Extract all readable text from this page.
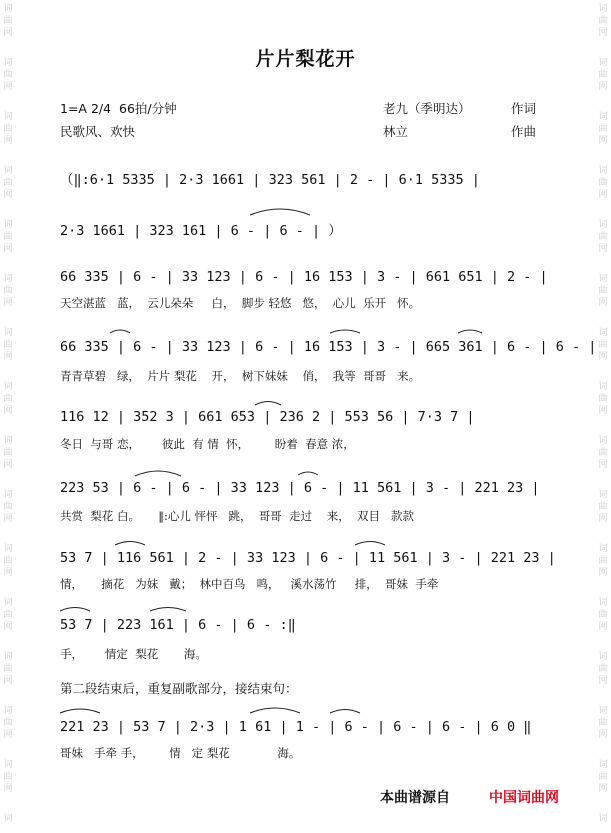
词
曲
网
词
曲
网
词
曲
网
词
曲
网
词
曲
网
词
曲
网
词
曲
网
词
曲
网
词
曲
网
词
曲
网
词
曲
网
词
曲
网
词
曲
网
词
曲
网
词
曲
网
词
词
曲
网
词
曲
网
词
曲
网
词
曲
网
词
曲
网
词
曲
网
词
曲
网
词
曲
网
词
曲
网
词
曲
网
词
曲
网
词
曲
网
词
曲
网
词
曲
网
词
曲
网
词
片片梨花开
1=A 2/4  66拍/分钟
民歌风、欢快
老九（季明达）	作词
林立	作曲
（‖:6·1 5335 | 2·3 1661 | 323 561 | 2 - | 6·1 5335 |
2·3 1661 | 323 161 | 6 - | 6 - | ）
66 335 | 6 - | 33 123 | 6 - | 16 153 | 3 - | 661 651 | 2 - |
天空湛蓝   蓝，  云儿朵朵     白，  脚步 轻悠   悠，  心儿  乐开   怀。
66 335 | 6 - | 33 123 | 6 - | 16 153 | 3 - | 665 361 | 6 - | 6 - |
青青草碧   绿，  片片 梨花    开，  树下妹妹    俏，  我等  哥哥   来。
116 12 | 352 3 | 661 653 | 236 2 | 553 56 | 7·3 7 |
冬日  与哥 恋，      彼此  有 情  怀，       盼着  春意 浓，
223 53 | 6 - | 6 - | 33 123 | 6 - | 11 561 | 3 - | 221 23 |
共赏  梨花 白。     ‖:心儿 怦怦   跳，  哥哥  走过    来，  双目   款款
53 7 | 116 561 | 2 - | 33 123 | 6 - | 11 561 | 3 - | 221 23 |
情，     摘花   为妹   戴；  林中百鸟   鸣，   溪水荡竹     排，  哥妹  手牵
53 7 | 223 161 | 6 - | 6 - :‖
手，      情定  梨花       海。
第二段结束后，重复副歌部分，接结束句：
221 23 | 53 7 | 2·3 | 1 61 | 1 - | 6 - | 6 - | 6 - | 6 0 ‖
哥妹   手牵 手，       情   定 梨花             海。
本曲谱源自	中国词曲网
